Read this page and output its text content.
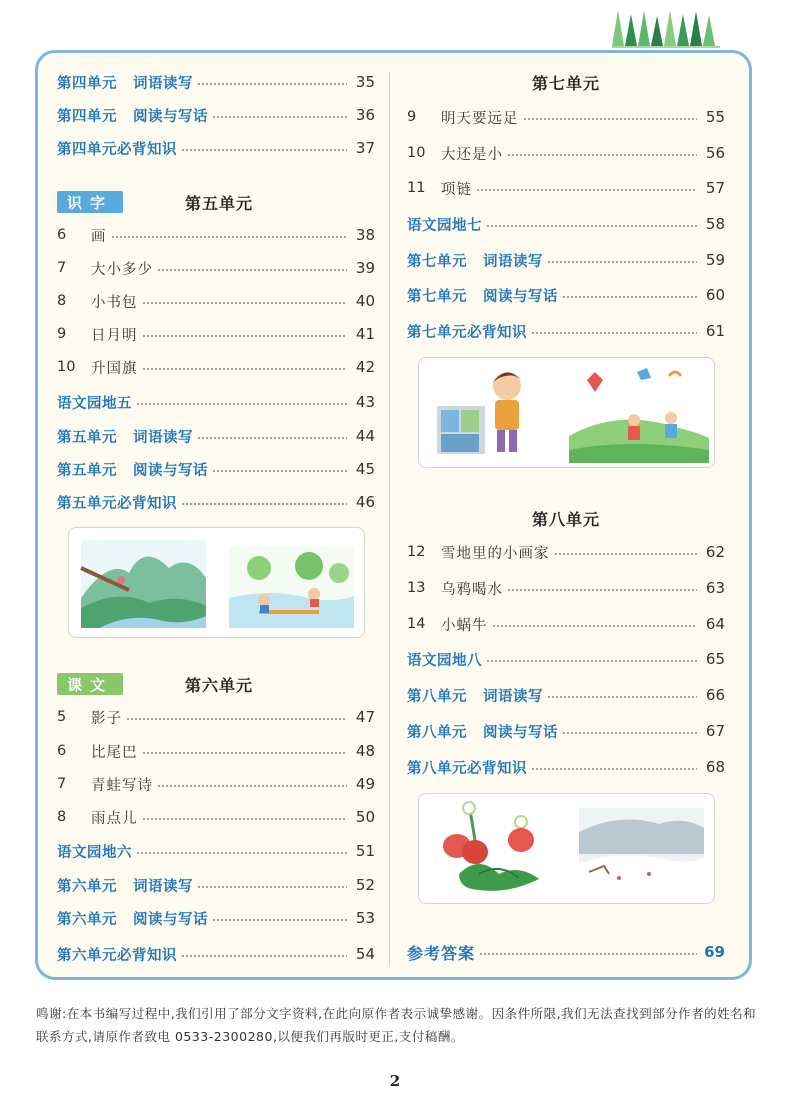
第四单元 词语读写	35
第四单元 阅读与写话	36
第四单元必背知识	37
识字	第五单元
6	画	38
7	大小多少	39
8	小书包	40
9	日月明	41
10	升国旗	42
语文园地五	43
第五单元 词语读写	44
第五单元 阅读与写话	45
第五单元必背知识	46
课文	第六单元
5	影子	47
6	比尾巴	48
7	青蛙写诗	49
8	雨点儿	50
语文园地六	51
第六单元 词语读写	52
第六单元 阅读与写话	53
第六单元必背知识	54
第七单元
9	明天要远足	55
10	大还是小	56
11	项链	57
语文园地七	58
第七单元 词语读写	59
第七单元 阅读与写话	60
第七单元必背知识	61
第八单元
12	雪地里的小画家	62
13	乌鸦喝水	63
14	小蜗牛	64
语文园地八	65
第八单元 词语读写	66
第八单元 阅读与写话	67
第八单元必背知识	68
参考答案	69

鸣谢:在本书编写过程中,我们引用了部分文字资料,在此向原作者表示诚挚感谢。因条件所限,我们无法查找到部分作者的姓名和联系方式,请原作者致电 0533-2300280,以便我们再版时更正,支付稿酬。

2
